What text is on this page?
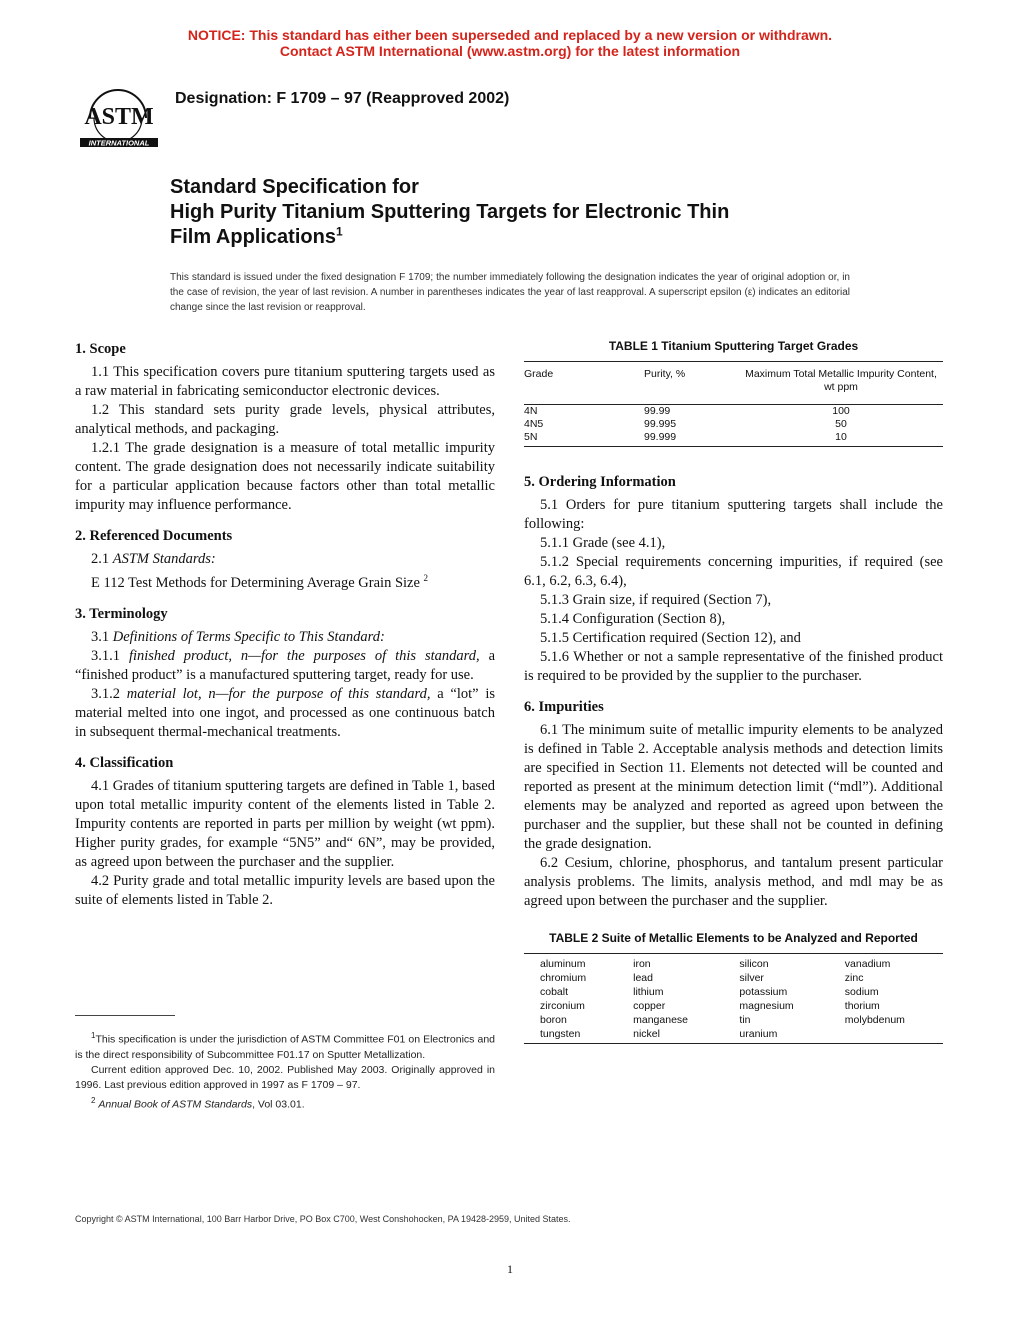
NOTICE: This standard has either been superseded and replaced by a new version or withdrawn.
Contact ASTM International (www.astm.org) for the latest information
ASTM
INTERNATIONAL
Designation: F 1709 – 97 (Reapproved 2002)
Standard Specification for
High Purity Titanium Sputtering Targets for Electronic Thin
Film Applications$^1$
This standard is issued under the fixed designation F 1709; the number immediately following the designation indicates the year of original adoption or, in the case of revision, the year of last revision. A number in parentheses indicates the year of last reapproval. A superscript epsilon (ε) indicates an editorial change since the last revision or reapproval.
1. Scope

1.1 This specification covers pure titanium sputtering targets used as a raw material in fabricating semiconductor electronic devices.

1.2 This standard sets purity grade levels, physical attributes, analytical methods, and packaging.

1.2.1 The grade designation is a measure of total metallic impurity content. The grade designation does not necessarily indicate suitability for a particular application because factors other than total metallic impurity may influence performance.

2. Referenced Documents

2.1 ASTM Standards:

E 112 Test Methods for Determining Average Grain Size $^2$

3. Terminology

3.1 Definitions of Terms Specific to This Standard:

3.1.1 finished product, n—for the purposes of this standard, a “finished product” is a manufactured sputtering target, ready for use.

3.1.2 material lot, n—for the purpose of this standard, a “lot” is material melted into one ingot, and processed as one continuous batch in subsequent thermal-mechanical treatments.

4. Classification

4.1 Grades of titanium sputtering targets are defined in Table 1, based upon total metallic impurity content of the elements listed in Table 2. Impurity contents are reported in parts per million by weight (wt ppm). Higher purity grades, for example “5N5” and“ 6N”, may be provided, as agreed upon between the purchaser and the supplier.

4.2 Purity grade and total metallic impurity levels are based upon the suite of elements listed in Table 2.

TABLE 1 Titanium Sputtering Target Grades
Grade	Purity, %	Maximum Total Metallic Impurity Content, wt ppm
4N	99.99	100
4N5	99.995	50
5N	99.999	10
5. Ordering Information

5.1 Orders for pure titanium sputtering targets shall include the following:

5.1.1 Grade (see 4.1),

5.1.2 Special requirements concerning impurities, if required (see 6.1, 6.2, 6.3, 6.4),

5.1.3 Grain size, if required (Section 7),

5.1.4 Configuration (Section 8),

5.1.5 Certification required (Section 12), and

5.1.6 Whether or not a sample representative of the finished product is required to be provided by the supplier to the purchaser.

6. Impurities

6.1 The minimum suite of metallic impurity elements to be analyzed is defined in Table 2. Acceptable analysis methods and detection limits are specified in Section 11. Elements not detected will be counted and reported as present at the minimum detection limit (“mdl”). Additional elements may be analyzed and reported as agreed upon between the purchaser and the supplier, but these shall not be counted in defining the grade designation.

6.2 Cesium, chlorine, phosphorus, and tantalum present particular analysis problems. The limits, analysis method, and mdl may be as agreed upon between the purchaser and the supplier.

TABLE 2 Suite of Metallic Elements to be Analyzed and Reported
aluminum	iron	silicon	vanadium
chromium	lead	silver	zinc
cobalt	lithium	potassium	sodium
zirconium	copper	magnesium	thorium
boron	manganese	tin	molybdenum
tungsten	nickel	uranium	

$^1$This specification is under the jurisdiction of ASTM Committee F01 on Electronics and is the direct responsibility of Subcommittee F01.17 on Sputter Metallization.

Current edition approved Dec. 10, 2002. Published May 2003. Originally approved in 1996. Last previous edition approved in 1997 as F 1709 – 97.

$^2$ Annual Book of ASTM Standards, Vol 03.01.

Copyright © ASTM International, 100 Barr Harbor Drive, PO Box C700, West Conshohocken, PA 19428-2959, United States.
1
